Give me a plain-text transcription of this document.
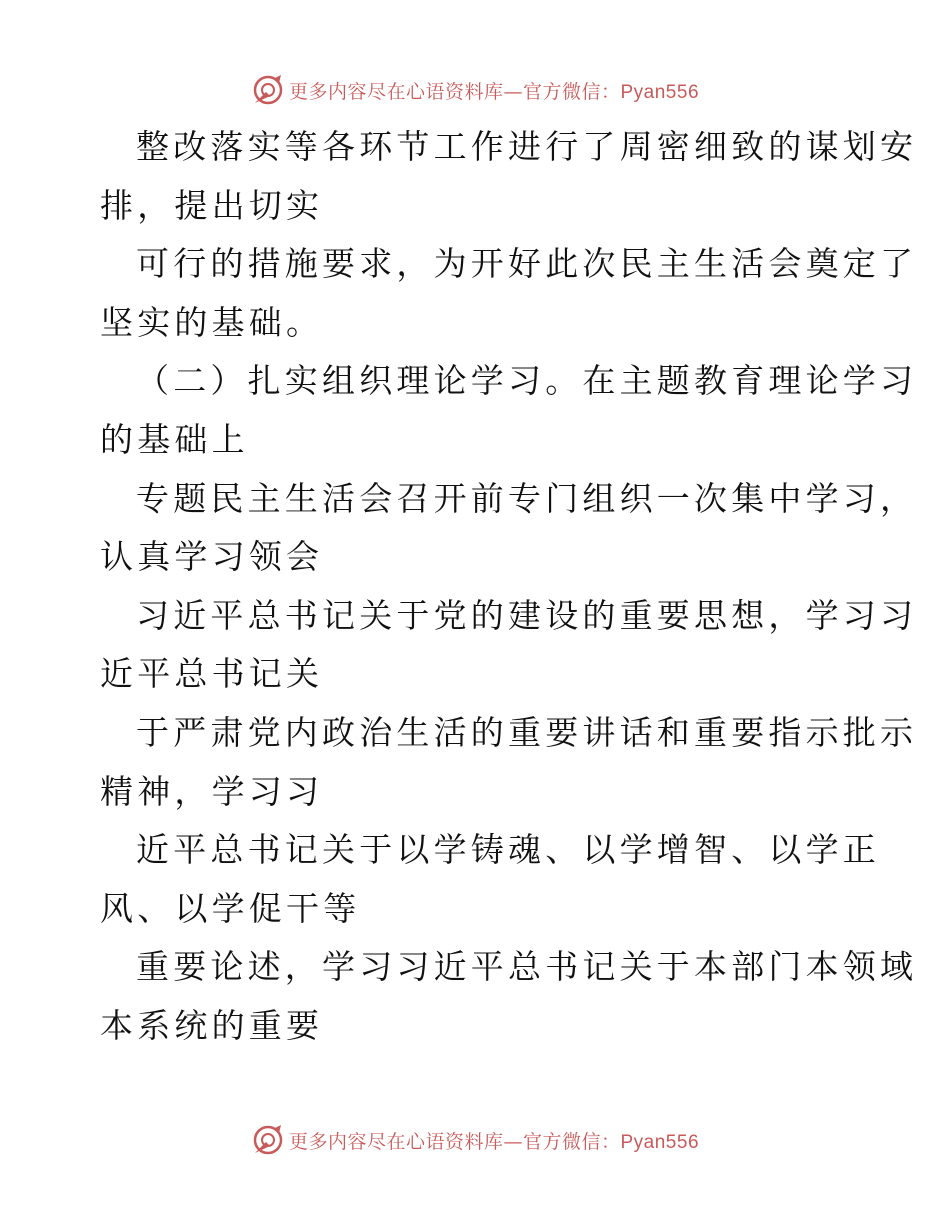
更多内容尽在心语资料库—官方微信：Pyan556
整改落实等各环节工作进行了周密细致的谋划安
排，提出切实
可行的措施要求，为开好此次民主生活会奠定了
坚实的基础。
（二）扎实组织理论学习。在主题教育理论学习
的基础上
专题民主生活会召开前专门组织一次集中学习，
认真学习领会
习近平总书记关于党的建设的重要思想，学习习
近平总书记关
于严肃党内政治生活的重要讲话和重要指示批示
精神，学习习
近平总书记关于以学铸魂、以学增智、以学正
风、以学促干等
重要论述，学习习近平总书记关于本部门本领域
本系统的重要
更多内容尽在心语资料库—官方微信：Pyan556
